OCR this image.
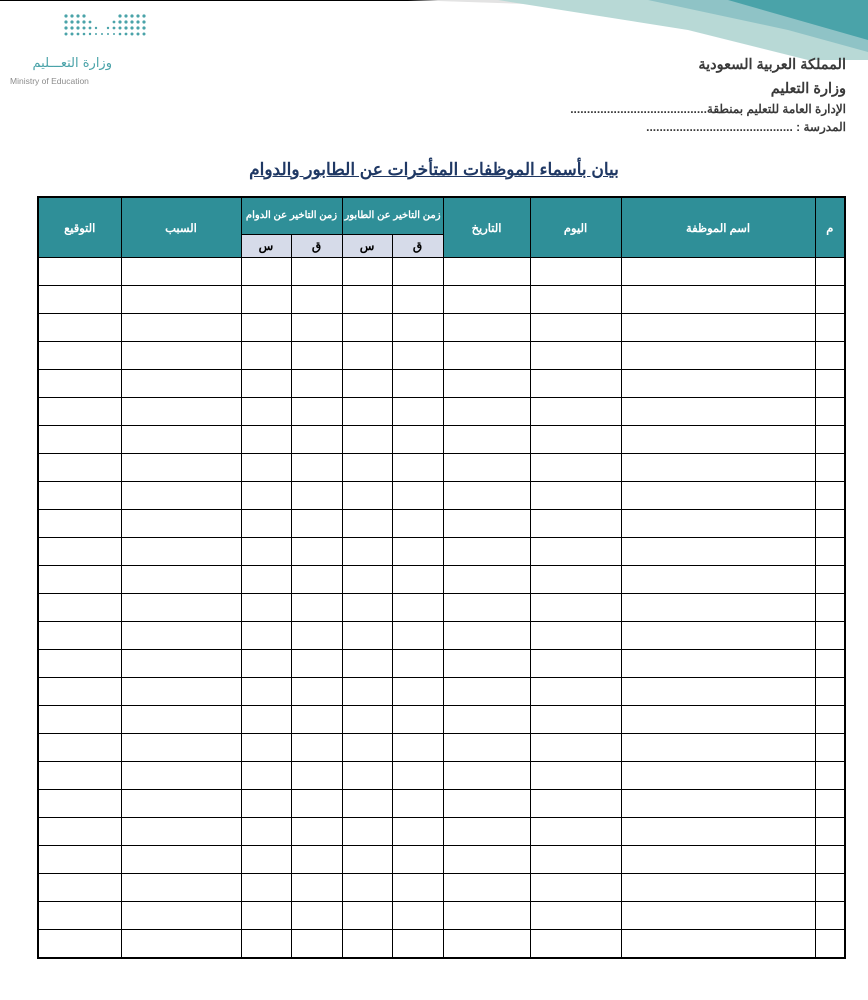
وزارة التعـــليم
Ministry of Education
المملكة العربية السعودية
وزارة التعليم
الإدارة العامة للتعليم بمنطقة.........................................
المدرسة : ............................................
بيان بأسماء الموظفات المتأخرات عن الطابور والدوام
م	اسم الموظفة	اليوم	التاريخ	زمن التاخير عن الطابور		زمن التاخير عن الدوام		السبب	التوقيع
				ق	س	ق	س		
